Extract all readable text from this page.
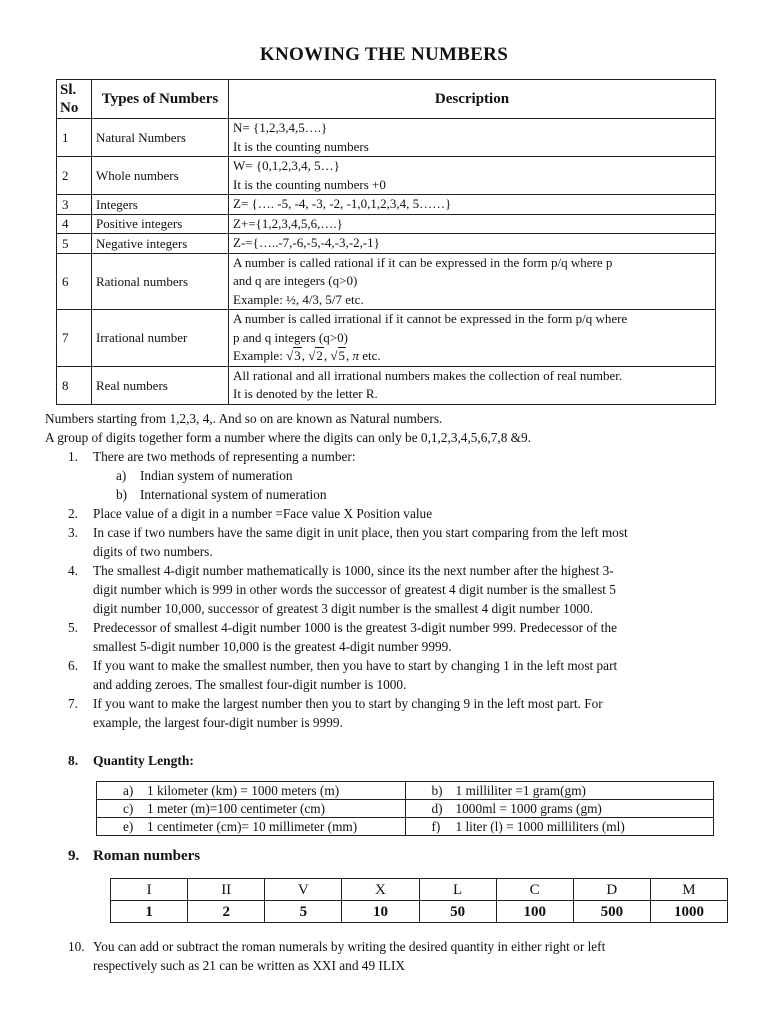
KNOWING THE NUMBERS
Sl. No	Types of Numbers	Description
1	Natural Numbers	N= {1,2,3,4,5….}
It is the counting numbers

2	Whole numbers	W= {0,1,2,3,4, 5…}
It is the counting numbers +0

3	Integers	Z= {…. -5, -4, -3, -2, -1,0,1,2,3,4, 5……}
4	Positive integers	Z+={1,2,3,4,5,6,….}
5	Negative integers	Z-={…..-7,-6,-5,-4,-3,-2,-1}
6	Rational numbers	A number is called rational if it can be expressed in the form p/q where p
and q are integers (q>0)
Example: ½, 4/3, 5/7 etc.

7	Irrational number	A number is called irrational if it cannot be expressed in the form p/q where
p and q integers (q>0)
Example: √3, √2, √5, π etc.

8	Real numbers	All rational and all irrational numbers makes the collection of real number.
It is denoted by the letter R.
Numbers starting from 1,2,3, 4,. And so on are known as Natural numbers.
A group of digits together form a number where the digits can only be 0,1,2,3,4,5,6,7,8 &9.
1.	There are two methods of representing a number:
a)	Indian system of numeration
b) International system of numeration
2.	Place value of a digit in a number =Face value X Position value
3.	In case if two numbers have the same digit in unit place, then you start comparing from the left most
digits of two numbers.
4.	The smallest 4-digit number mathematically is 1000, since its the next number after the highest 3-
digit number which is 999 in other words the successor of greatest 4 digit number is the smallest 5
digit number 10,000, successor of greatest 3 digit number is the smallest 4 digit number 1000.
5.	Predecessor of smallest 4-digit number 1000 is the greatest 3-digit number 999. Predecessor of the
smallest 5-digit number 10,000 is the greatest 4-digit number 9999.
6.	If you want to make the smallest number, then you have to start by changing 1 in the left most part
and adding zeroes. The smallest four-digit number is 1000.
7.	If you want to make the largest number then you to start by changing 9 in the left most part. For
example, the largest four-digit number is 9999.
8.	Quantity Length:
a) 1 kilometer (km) = 1000 meters (m)	b) 1 milliliter =1 gram(gm)
c) 1 meter (m)=100 centimeter (cm)	d) 1000ml = 1000 grams (gm)
e) 1 centimeter (cm)= 10 millimeter (mm)	f) 1 liter (l) = 1000 milliliters (ml)
9. Roman numbers
I	II	V	X	L	C	D	M
1	2	5	10	50	100	500	1000
10. You can add or subtract the roman numerals by writing the desired quantity in either right or left
respectively such as 21 can be written as XXI and 49 ILIX
